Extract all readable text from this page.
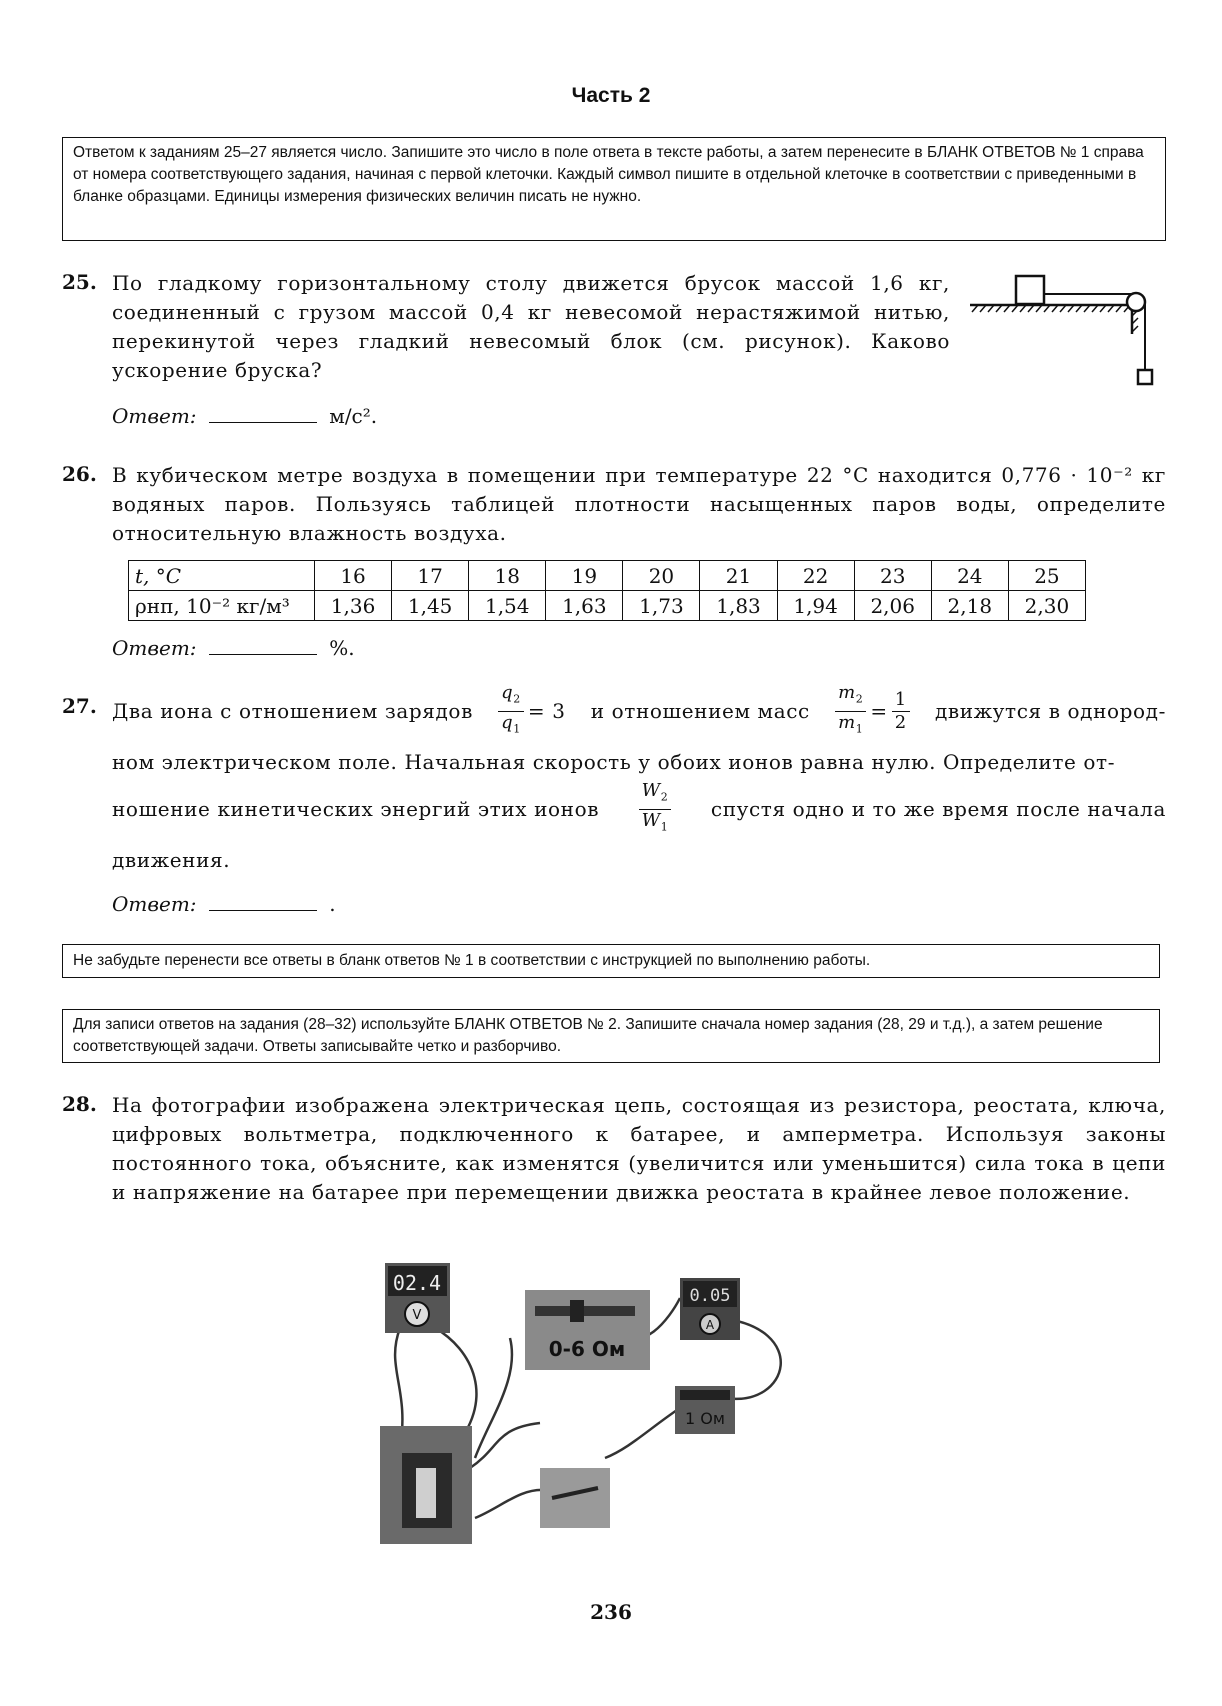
Часть 2
Ответом к заданиям 25–27 является число. Запишите это число в поле ответа в тексте работы, а затем перенесите в БЛАНК ОТВЕТОВ № 1 справа от номера соответствующего задания, начиная с первой клеточки. Каждый символ пишите в отдельной клеточке в соответствии с приведенными в бланке образцами. Единицы измерения физических величин писать не нужно.
25. По гладкому горизонтальному столу движется брусок массой 1,6 кг, соединенный с грузом массой 0,4 кг невесомой нерастяжимой нитью, перекинутой через гладкий невесомый блок (см. рисунок). Каково ускорение бруска?
Ответ:	м/с².
26. В кубическом метре воздуха в помещении при температуре 22 °С находится 0,776 · 10⁻² кг водяных паров. Пользуясь таблицей плотности насыщенных паров воды, определите относительную влажность воздуха.
t, °С	16	17	18	19	20	21	22	23	24	25
ρнп, 10⁻² кг/м³	1,36	1,45	1,54	1,63	1,73	1,83	1,94	2,06	2,18	2,30
Ответ:	%.
27. Два иона с отношением зарядов $\frac{q_2}{q_1} = 3$ и отношением масс $\frac{m_2}{m_1} = \frac{1}{2}$ движутся в однород-
ном электрическом поле. Начальная скорость у обоих ионов равна нулю. Определите от-
ношение кинетических энергий этих ионов $\frac{W_2}{W_1}$ спустя одно и то же время после начала
движения.
Ответ:	.
Не забудьте перенести все ответы в бланк ответов № 1 в соответствии с инструкцией по выполнению работы.
Для записи ответов на задания (28–32) используйте БЛАНК ОТВЕТОВ № 2. Запишите сначала номер задания (28, 29 и т.д.), а затем решение соответствующей задачи. Ответы записывайте четко и разборчиво.
28. На фотографии изображена электрическая цепь, состоящая из резистора, реостата, ключа, цифровых вольтметра, подключенного к батарее, и амперметра. Используя законы постоянного тока, объясните, как изменятся (увеличится или уменьшится) сила тока в цепи и напряжение на батарее при перемещении движка реостата в крайнее левое положение.
02.4
V
0-6 Ом
0.05
A
1 Ом
236
